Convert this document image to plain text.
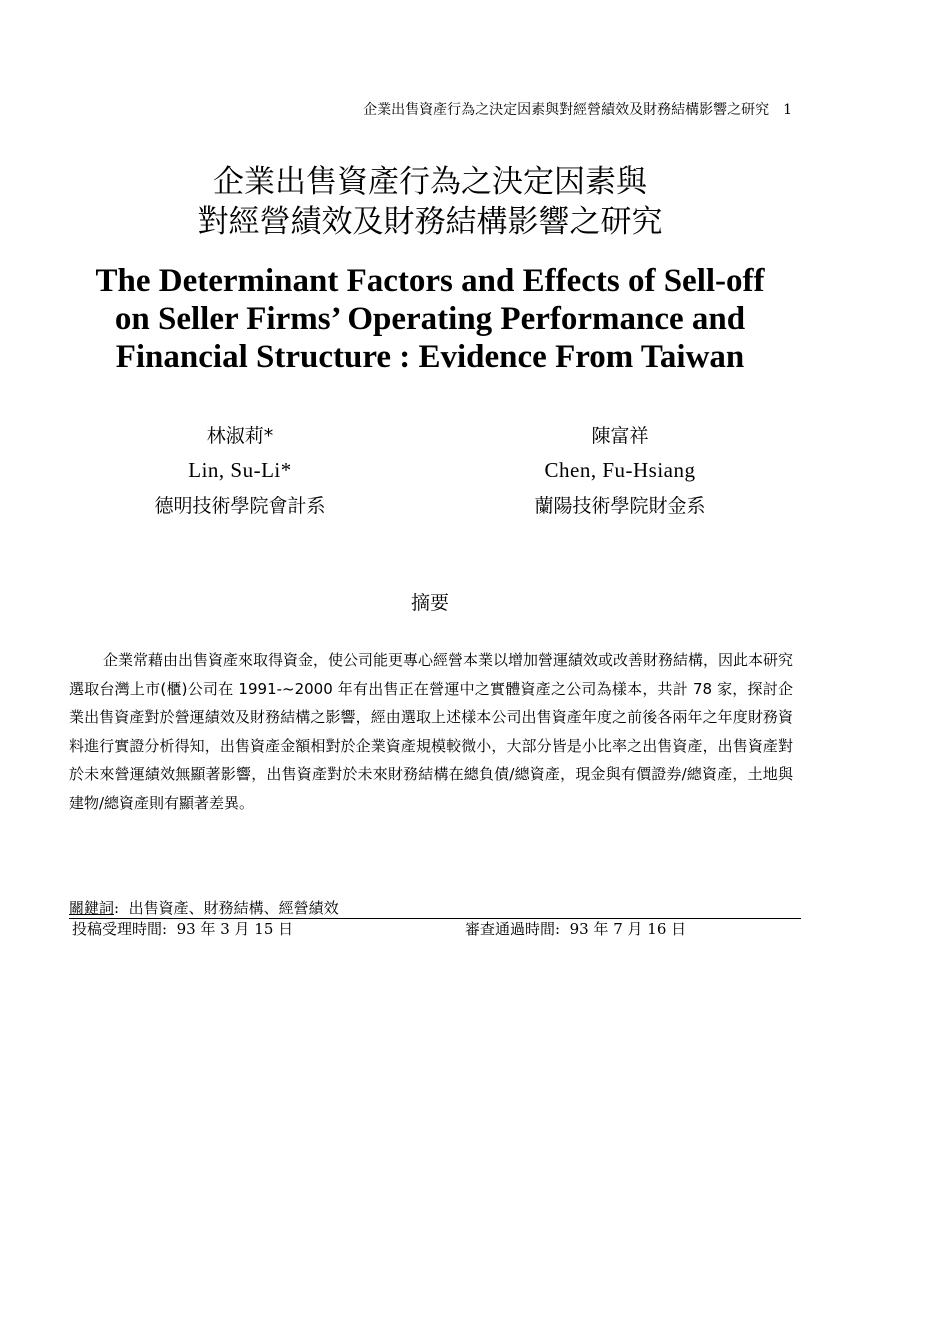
企業出售資產行為之決定因素與對經營績效及財務結構影響之研究 1
企業出售資產行為之決定因素與
對經營績效及財務結構影響之研究
The Determinant Factors and Effects of Sell-off
on Seller Firms’ Operating Performance and
Financial Structure : Evidence From Taiwan
林淑莉*
Lin, Su-Li*
德明技術學院會計系
陳富祥
Chen, Fu-Hsiang
蘭陽技術學院財金系
摘要

企業常藉由出售資產來取得資金，使公司能更專心經營本業以增加營運績效或改善財務結構，因此本研究選取台灣上市(櫃)公司在 1991-~2000 年有出售正在營運中之實體資產之公司為樣本，共計 78 家，探討企業出售資產對於營運績效及財務結構之影響，經由選取上述樣本公司出售資產年度之前後各兩年之年度財務資料進行實證分析得知，出售資產金額相對於企業資產規模較微小，大部分皆是小比率之出售資產，出售資產對於未來營運績效無顯著影響，出售資產對於未來財務結構在總負債/總資產，現金與有價證券/總資產，土地與建物/總資產則有顯著差異。

關鍵詞:  出售資產、財務結構、經營績效
投稿受理時間:  93 年 3 月 15 日	審查通過時間:  93 年 7 月 16 日
